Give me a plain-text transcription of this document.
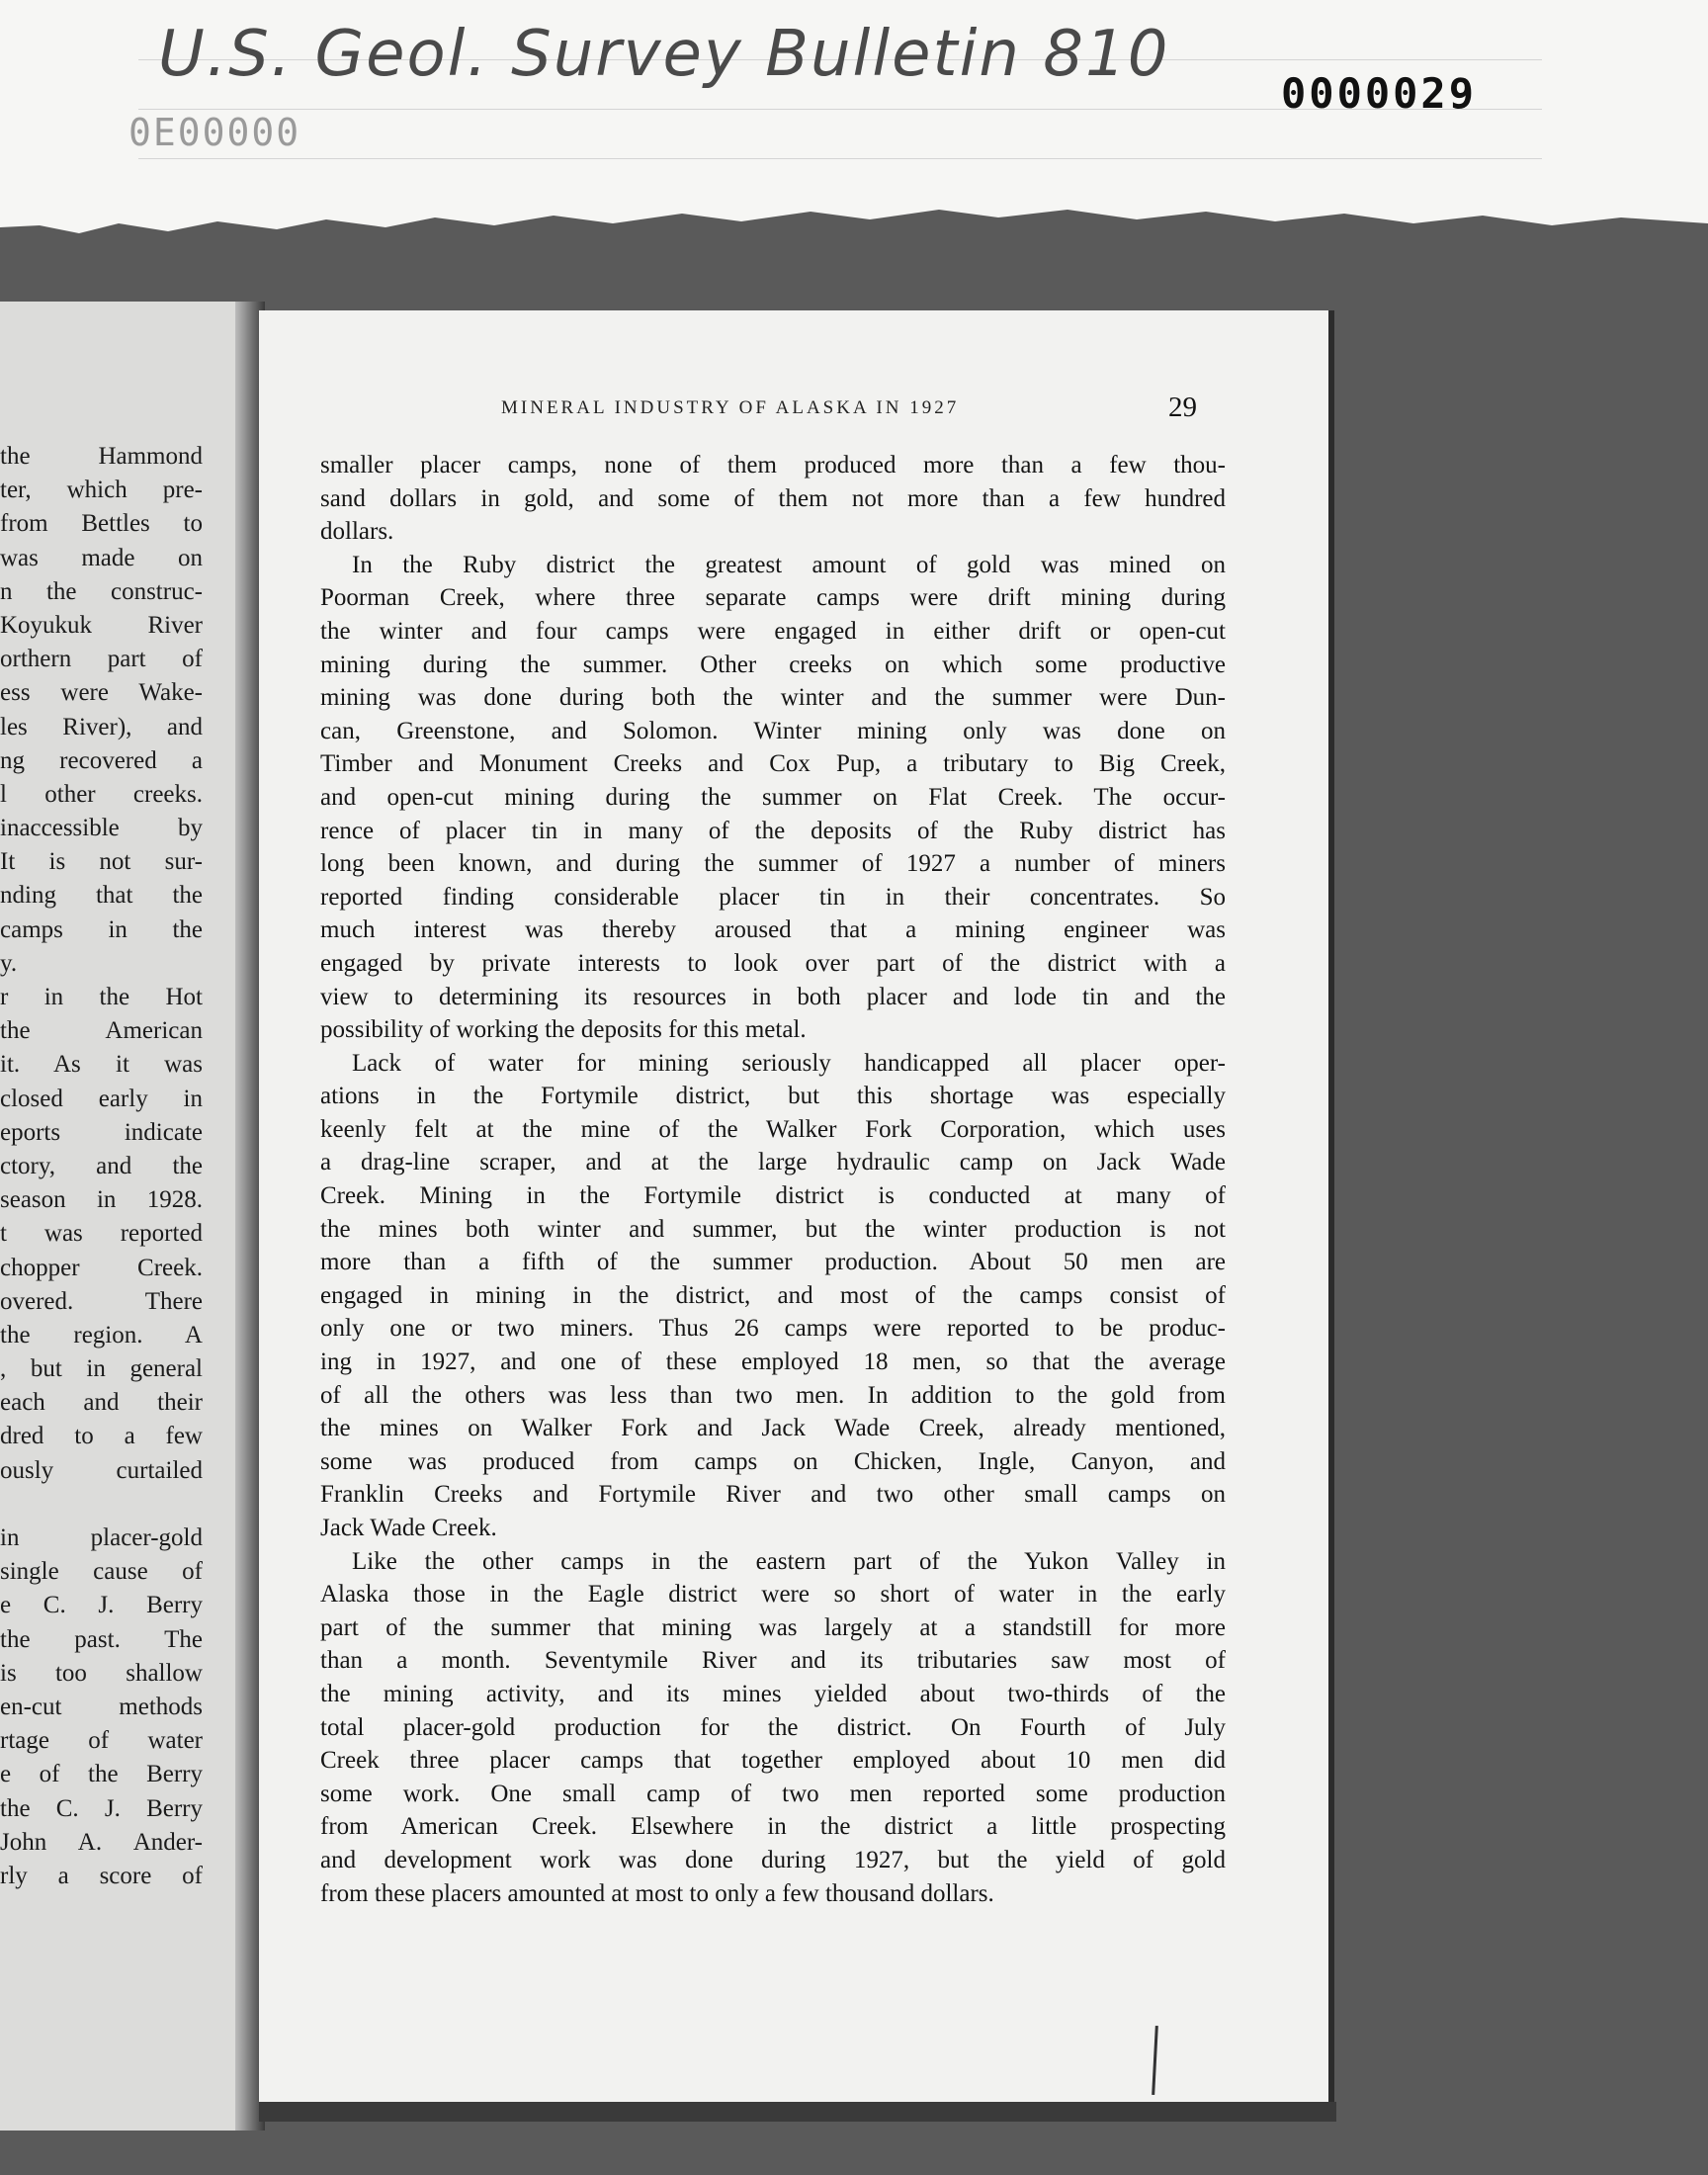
U.S. Geol. Survey Bulletin 810
0000029
0E00000
the Hammond
ter, which pre-
from Bettles to
was made on
n the construc-
Koyukuk River
orthern part of
ess were Wake-
les River), and
ng recovered a
l other creeks.
inaccessible by
It is not sur-
nding that the
camps in the
y.
r in the Hot
the American
it. As it was
closed early in
eports indicate
ctory, and the
season in 1928.
t was reported
chopper Creek.
overed. There
the region. A
, but in general
each and their
dred to a few
ously curtailed
in placer-gold
single cause of
e C. J. Berry
the past. The
is too shallow
en-cut methods
rtage of water
e of the Berry
the C. J. Berry
John A. Ander-
rly a score of
MINERAL INDUSTRY OF ALASKA IN 1927	29

smaller placer camps, none of them produced more than a few thou-
sand dollars in gold, and some of them not more than a few hundred
dollars.

In the Ruby district the greatest amount of gold was mined on
Poorman Creek, where three separate camps were drift mining during
the winter and four camps were engaged in either drift or open-cut
mining during the summer. Other creeks on which some productive
mining was done during both the winter and the summer were Dun-
can, Greenstone, and Solomon. Winter mining only was done on
Timber and Monument Creeks and Cox Pup, a tributary to Big Creek,
and open-cut mining during the summer on Flat Creek. The occur-
rence of placer tin in many of the deposits of the Ruby district has
long been known, and during the summer of 1927 a number of miners
reported finding considerable placer tin in their concentrates. So
much interest was thereby aroused that a mining engineer was
engaged by private interests to look over part of the district with a
view to determining its resources in both placer and lode tin and the
possibility of working the deposits for this metal.

Lack of water for mining seriously handicapped all placer oper-
ations in the Fortymile district, but this shortage was especially
keenly felt at the mine of the Walker Fork Corporation, which uses
a drag-line scraper, and at the large hydraulic camp on Jack Wade
Creek. Mining in the Fortymile district is conducted at many of
the mines both winter and summer, but the winter production is not
more than a fifth of the summer production. About 50 men are
engaged in mining in the district, and most of the camps consist of
only one or two miners. Thus 26 camps were reported to be produc-
ing in 1927, and one of these employed 18 men, so that the average
of all the others was less than two men. In addition to the gold from
the mines on Walker Fork and Jack Wade Creek, already mentioned,
some was produced from camps on Chicken, Ingle, Canyon, and
Franklin Creeks and Fortymile River and two other small camps on
Jack Wade Creek.

Like the other camps in the eastern part of the Yukon Valley in
Alaska those in the Eagle district were so short of water in the early
part of the summer that mining was largely at a standstill for more
than a month. Seventymile River and its tributaries saw most of
the mining activity, and its mines yielded about two-thirds of the
total placer-gold production for the district. On Fourth of July
Creek three placer camps that together employed about 10 men did
some work. One small camp of two men reported some production
from American Creek. Elsewhere in the district a little prospecting
and development work was done during 1927, but the yield of gold
from these placers amounted at most to only a few thousand dollars.
